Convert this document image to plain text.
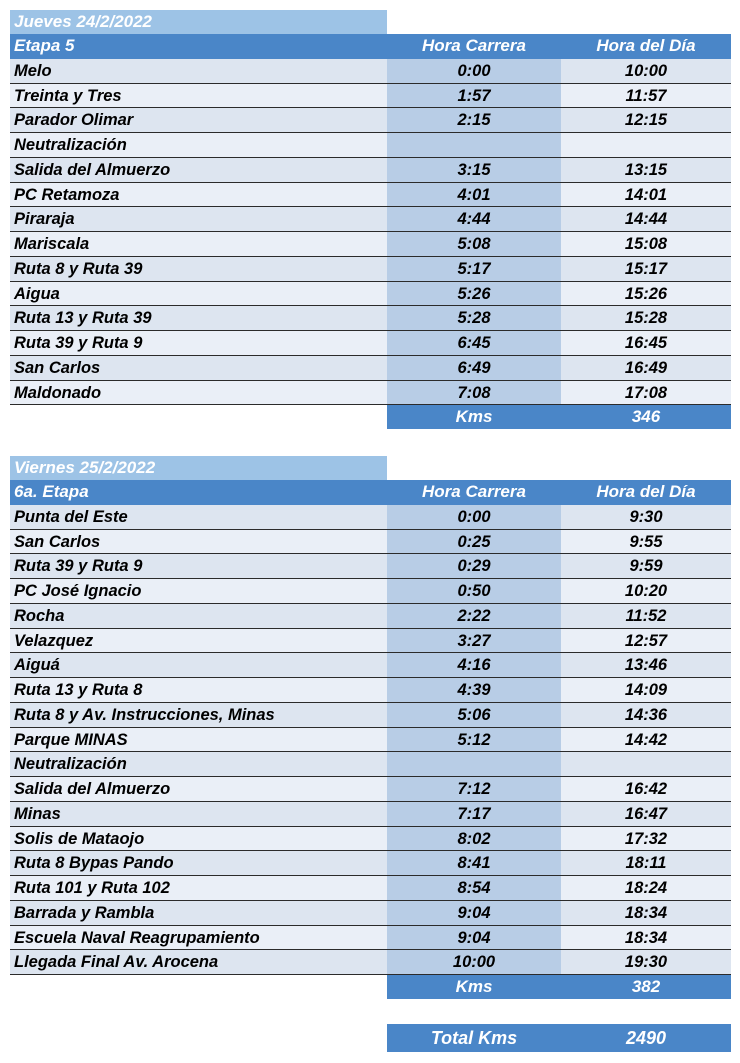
Jueves 24/2/2022
Etapa 5	Hora Carrera	Hora del Día
Melo	0:00	10:00
Treinta y Tres	1:57	11:57
Parador Olimar	2:15	12:15
Neutralización
Salida del Almuerzo	3:15	13:15
PC Retamoza	4:01	14:01
Piraraja	4:44	14:44
Mariscala	5:08	15:08
Ruta 8 y Ruta 39	5:17	15:17
Aigua	5:26	15:26
Ruta 13 y Ruta 39	5:28	15:28
Ruta 39 y Ruta 9	6:45	16:45
San Carlos	6:49	16:49
Maldonado	7:08	17:08
Kms	346
Viernes 25/2/2022
6a. Etapa	Hora Carrera	Hora del Día
Punta del Este	0:00	9:30
San Carlos	0:25	9:55
Ruta 39 y Ruta 9	0:29	9:59
PC José Ignacio	0:50	10:20
Rocha	2:22	11:52
Velazquez	3:27	12:57
Aiguá	4:16	13:46
Ruta 13 y Ruta 8	4:39	14:09
Ruta 8 y Av. Instrucciones, Minas	5:06	14:36
Parque MINAS	5:12	14:42
Neutralización
Salida del Almuerzo	7:12	16:42
Minas	7:17	16:47
Solis de Mataojo	8:02	17:32
Ruta 8 Bypas Pando	8:41	18:11
Ruta 101 y Ruta 102	8:54	18:24
Barrada y Rambla	9:04	18:34
Escuela Naval Reagrupamiento	9:04	18:34
Llegada Final Av. Arocena	10:00	19:30
Kms	382
Total Kms	2490
